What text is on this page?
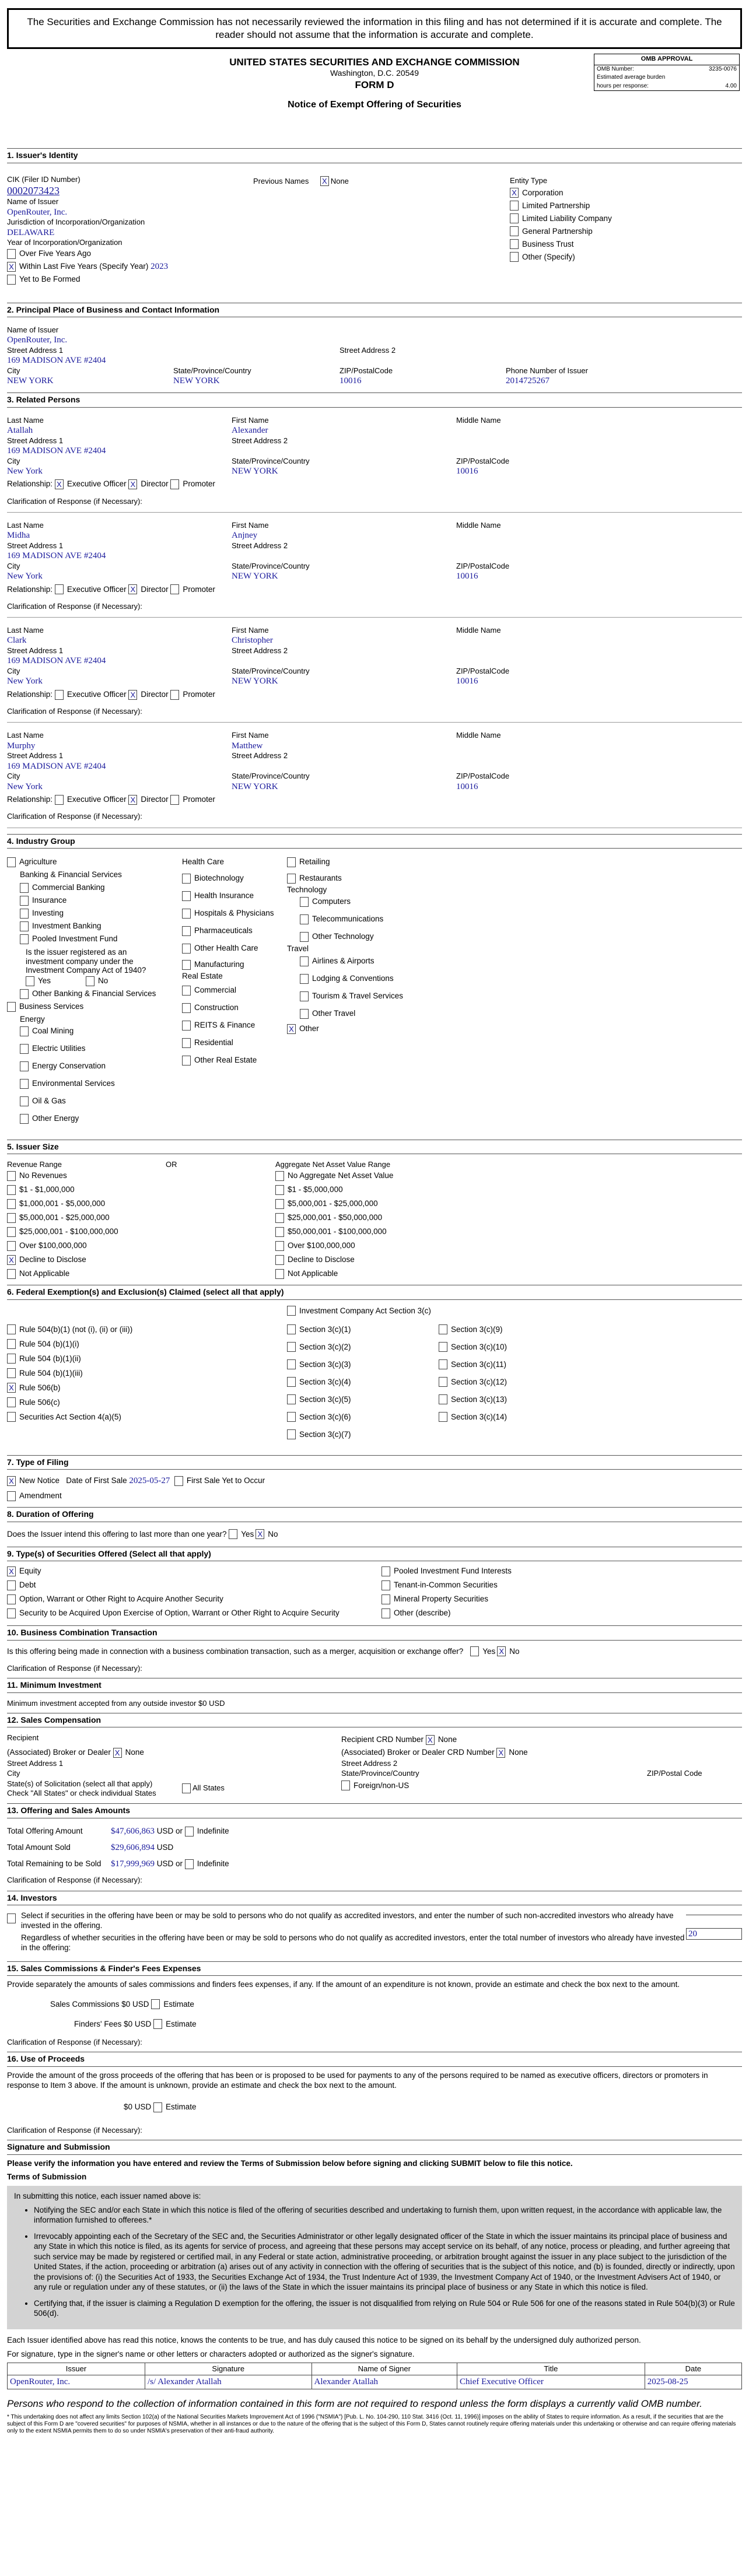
The Securities and Exchange Commission has not necessarily reviewed the information in this filing and has not determined if it is accurate and complete. The reader should not assume that the information is accurate and complete.
UNITED STATES SECURITIES AND EXCHANGE COMMISSION
Washington, D.C. 20549
FORM D
Notice of Exempt Offering of Securities
OMB APPROVAL
OMB Number:	3235-0076
Estimated average burden
hours per response:	4.00
1. Issuer's Identity
CIK (Filer ID Number)
0002073423
Name of Issuer
OpenRouter, Inc.
Jurisdiction of Incorporation/Organization
DELAWARE
Year of Incorporation/Organization
Over Five Years Ago
X Within Last Five Years (Specify Year)
2023
Yet to Be Formed
Previous Names X None	Entity Type
X Corporation
Limited Partnership
Limited Liability Company
General Partnership
Business Trust
Other (Specify)
2. Principal Place of Business and Contact Information
Name of Issuer
OpenRouter, Inc.
Street Address 1
169 MADISON AVE #2404
Street Address 2
City
NEW YORK
State/Province/Country
NEW YORK
ZIP/PostalCode
10016
Phone Number of Issuer
2014725267
3. Related Persons
Last Name
Atallah
First Name
Alexander
Middle Name
Street Address 1
169 MADISON AVE #2404
Street Address 2
City
New York
State/Province/Country
NEW YORK
ZIP/PostalCode
10016
Relationship:
X Executive Officer
X Director
Promoter
Clarification of Response (if Necessary):
Last Name
Midha
First Name
Anjney
Middle Name
Street Address 1
169 MADISON AVE #2404
Street Address 2
City
New York
State/Province/Country
NEW YORK
ZIP/PostalCode
10016
Relationship:
Executive Officer
X Director
Promoter
Clarification of Response (if Necessary):
Last Name
Clark
First Name
Christopher
Middle Name
Street Address 1
169 MADISON AVE #2404
Street Address 2
City
New York
State/Province/Country
NEW YORK
ZIP/PostalCode
10016
Relationship:
Executive Officer
X Director
Promoter
Clarification of Response (if Necessary):
Last Name
Murphy
First Name
Matthew
Middle Name
Street Address 1
169 MADISON AVE #2404
Street Address 2
City
New York
State/Province/Country
NEW YORK
ZIP/PostalCode
10016
Relationship:
Executive Officer
X Director
Promoter
Clarification of Response (if Necessary):
4. Industry Group
Agriculture
Banking & Financial Services
Commercial Banking
Insurance
Investing
Investment Banking
Pooled Investment Fund
Is the issuer registered as an investment company under the Investment Company Act of 1940?
Yes	No
Other Banking & Financial Services
Business Services
Energy
Coal Mining
Electric Utilities
Energy Conservation
Environmental Services
Oil & Gas
Other Energy
Health Care
Biotechnology
Health Insurance
Hospitals & Physicians
Pharmaceuticals
Other Health Care
Manufacturing
Real Estate
Commercial
Construction
REITS & Finance
Residential
Other Real Estate
Retailing
Restaurants
Technology
Computers
Telecommunications
Other Technology
Travel
Airlines & Airports
Lodging & Conventions
Tourism & Travel Services
Other Travel
X Other
5. Issuer Size
Revenue Range	OR
No Revenues
$1 - $1,000,000
$1,000,001 - $5,000,000
$5,000,001 - $25,000,000
$25,000,001 - $100,000,000
Over $100,000,000
X Decline to Disclose
Not Applicable
Aggregate Net Asset Value Range
No Aggregate Net Asset Value
$1 - $5,000,000
$5,000,001 - $25,000,000
$25,000,001 - $50,000,000
$50,000,001 - $100,000,000
Over $100,000,000
Decline to Disclose
Not Applicable
6. Federal Exemption(s) and Exclusion(s) Claimed (select all that apply)
Rule 504(b)(1) (not (i), (ii) or (iii))
Rule 504 (b)(1)(i)
Rule 504 (b)(1)(ii)
Rule 504 (b)(1)(iii)
X Rule 506(b)
Rule 506(c)
Securities Act Section 4(a)(5)
Investment Company Act Section 3(c)
Section 3(c)(1)
Section 3(c)(2)
Section 3(c)(3)
Section 3(c)(4)
Section 3(c)(5)
Section 3(c)(6)
Section 3(c)(7)
Section 3(c)(9)
Section 3(c)(10)
Section 3(c)(11)
Section 3(c)(12)
Section 3(c)(13)
Section 3(c)(14)
7. Type of Filing
X New Notice
Date of First Sale
2025-05-27
First Sale Yet to Occur
Amendment
8. Duration of Offering
Does the Issuer intend this offering to last more than one year?
Yes X No
9. Type(s) of Securities Offered (Select all that apply)
X Equity
Debt
Option, Warrant or Other Right to Acquire Another Security
Security to be Acquired Upon Exercise of Option, Warrant or Other Right to Acquire Security
Pooled Investment Fund Interests
Tenant-in-Common Securities
Mineral Property Securities
Other (describe)
10. Business Combination Transaction
Is this offering being made in connection with a business combination transaction, such as a merger, acquisition or exchange offer? Yes X No
Clarification of Response (if Necessary):
11. Minimum Investment
Minimum investment accepted from any outside investor $0 USD
12. Sales Compensation
Recipient	Recipient CRD Number
X None
(Associated) Broker or Dealer
X None	(Associated) Broker or Dealer CRD Number
X None
Street Address 1	Street Address 2
City	State/Province/Country	ZIP/Postal Code
State(s) of Solicitation (select all that apply)
Check "All States" or check individual States
All States	Foreign/non-US
13. Offering and Sales Amounts
Total Offering Amount	$47,606,863
USD or
Indefinite
Total Amount Sold	$29,606,894
USD
Total Remaining to be Sold	$17,999,969
USD or
Indefinite
Clarification of Response (if Necessary):
14. Investors
Select if securities in the offering have been or may be sold to persons who do not qualify as accredited investors, and enter the number of such non-accredited investors who already have invested in the offering.
Regardless of whether securities in the offering have been or may be sold to persons who do not qualify as accredited investors, enter the total number of investors who already have invested in the offering:
20
15. Sales Commissions & Finder's Fees Expenses
Provide separately the amounts of sales commissions and finders fees expenses, if any. If the amount of an expenditure is not known, provide an estimate and check the box next to the amount.
Sales Commissions $0 USD
Estimate
Finders' Fees $0 USD
Estimate
Clarification of Response (if Necessary):
16. Use of Proceeds
Provide the amount of the gross proceeds of the offering that has been or is proposed to be used for payments to any of the persons required to be named as executive officers, directors or promoters in response to Item 3 above. If the amount is unknown, provide an estimate and check the box next to the amount.
$0 USD
Estimate
Clarification of Response (if Necessary):
Signature and Submission
Please verify the information you have entered and review the Terms of Submission below before signing and clicking SUBMIT below to file this notice.
Terms of Submission
In submitting this notice, each issuer named above is:
• Notifying the SEC and/or each State in which this notice is filed of the offering of securities described and undertaking to furnish them, upon written request, in the accordance with applicable law, the information furnished to offerees.*
• Irrevocably appointing each of the Secretary of the SEC and, the Securities Administrator or other legally designated officer of the State in which the issuer maintains its principal place of business and any State in which this notice is filed, as its agents for service of process, and agreeing that these persons may accept service on its behalf, of any notice, process or pleading, and further agreeing that such service may be made by registered or certified mail, in any Federal or state action, administrative proceeding, or arbitration brought against the issuer in any place subject to the jurisdiction of the United States, if the action, proceeding or arbitration (a) arises out of any activity in connection with the offering of securities that is the subject of this notice, and (b) is founded, directly or indirectly, upon the provisions of: (i) the Securities Act of 1933, the Securities Exchange Act of 1934, the Trust Indenture Act of 1939, the Investment Company Act of 1940, or the Investment Advisers Act of 1940, or any rule or regulation under any of these statutes, or (ii) the laws of the State in which the issuer maintains its principal place of business or any State in which this notice is filed.
• Certifying that, if the issuer is claiming a Regulation D exemption for the offering, the issuer is not disqualified from relying on Rule 504 or Rule 506 for one of the reasons stated in Rule 504(b)(3) or Rule 506(d).
Each Issuer identified above has read this notice, knows the contents to be true, and has duly caused this notice to be signed on its behalf by the undersigned duly authorized person.
For signature, type in the signer's name or other letters or characters adopted or authorized as the signer's signature.
Issuer	Signature	Name of Signer	Title	Date
OpenRouter, Inc.	/s/ Alexander Atallah	Alexander Atallah	Chief Executive Officer	2025-08-25
Persons who respond to the collection of information contained in this form are not required to respond unless the form displays a currently valid OMB number.
* This undertaking does not affect any limits Section 102(a) of the National Securities Markets Improvement Act of 1996 ("NSMIA") [Pub. L. No. 104-290, 110 Stat. 3416 (Oct. 11, 1996)] imposes on the ability of States to require information. As a result, if the securities that are the subject of this Form D are "covered securities" for purposes of NSMIA, whether in all instances or due to the nature of the offering that is the subject of this Form D, States cannot routinely require offering materials under this undertaking or otherwise and can require offering materials only to the extent NSMIA permits them to do so under NSMIA's preservation of their anti-fraud authority.
